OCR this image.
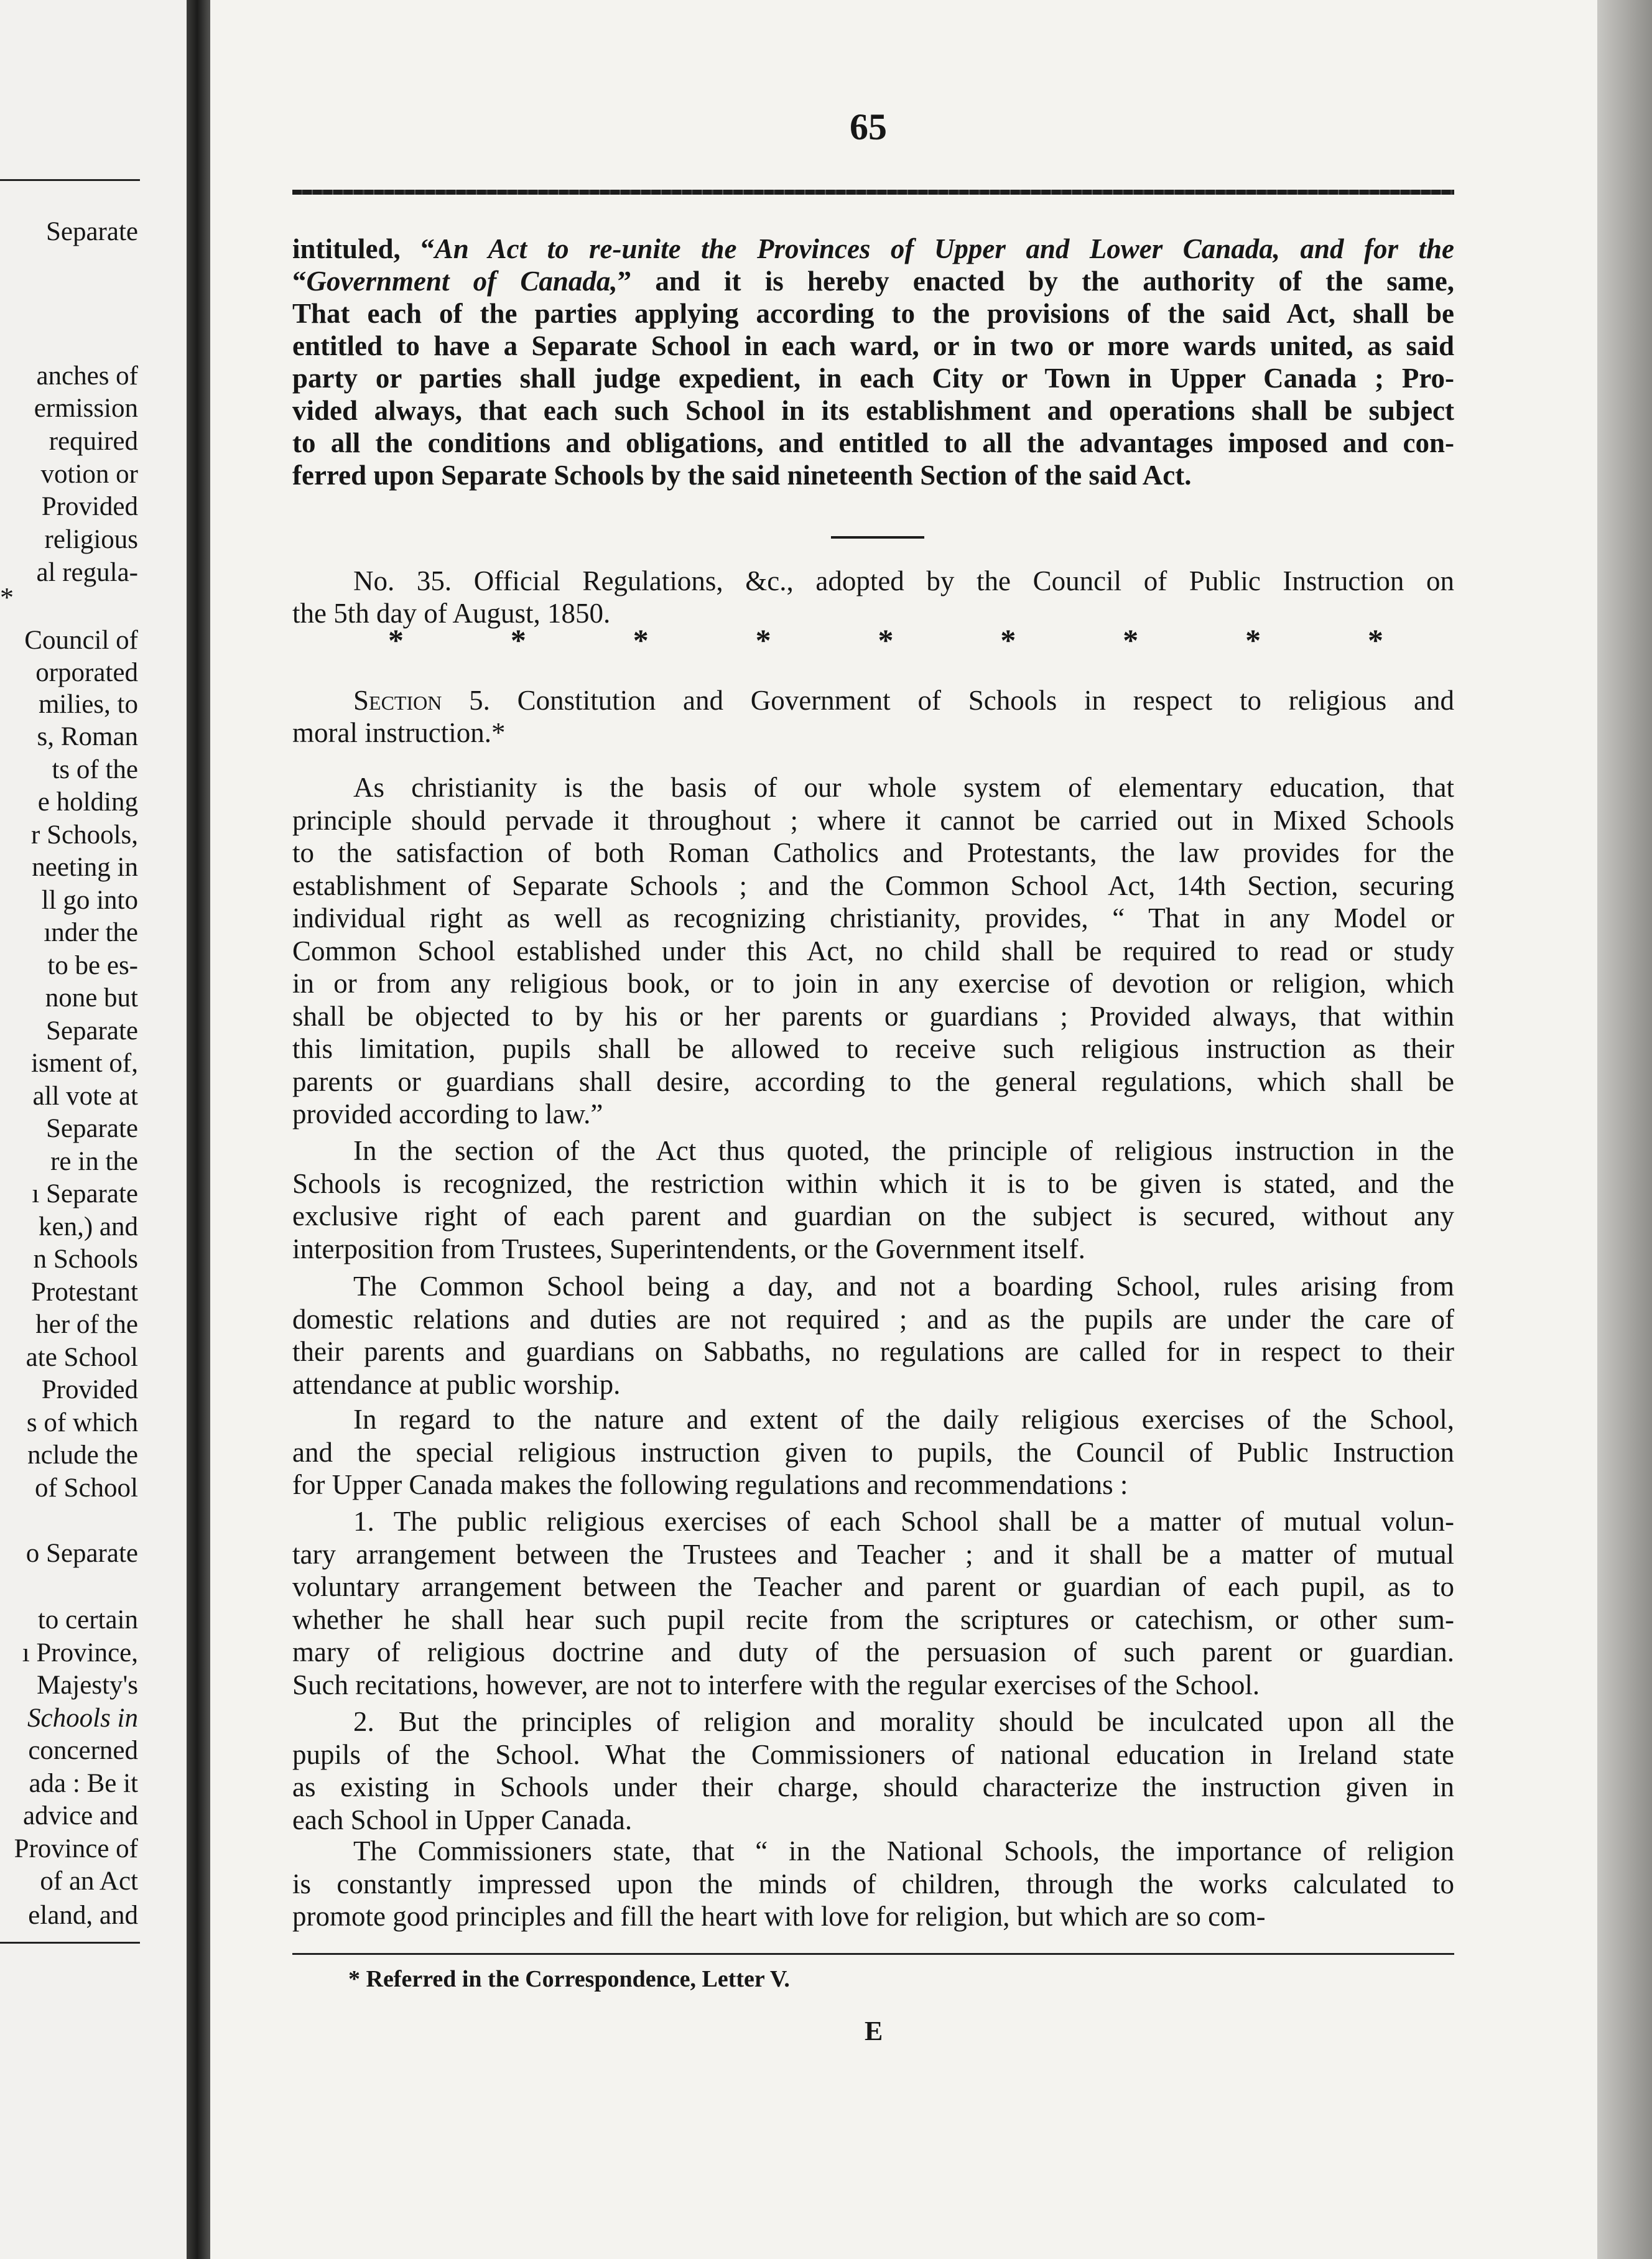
Separate
anches of
ermission
required
votion or
Provided
religious
al regula-
Council of
orporated
milies, to
s, Roman
ts of the
e holding
r Schools,
neeting in
ll go into
ınder the
to be es-
none but
Separate
isment of,
all vote at
Separate
re in the
ı Separate
ken,) and
n Schools
Protestant
her of the
ate School
Provided
s of which
nclude the
of School
o Separate
to certain
ı Province,
Majesty's
Schools in
concerned
ada : Be it
advice and
Province of
of an Act
eland, and
*
65
intituled, “An Act to re-unite the Provinces of Upper and Lower Canada, and for the
“Government of Canada,” and it is hereby enacted by the authority of the same,
That each of the parties applying according to the provisions of the said Act, shall be
entitled to have a Separate School in each ward, or in two or more wards united, as said
party or parties shall judge expedient, in each City or Town in Upper Canada ; Pro-
vided always, that each such School in its establishment and operations shall be subject
to all the conditions and obligations, and entitled to all the advantages imposed and con-
ferred upon Separate Schools by the said nineteenth Section of the said Act.
No. 35. Official Regulations, &c., adopted by the Council of Public Instruction on
the 5th day of August, 1850.
*	*	*	*	*	*	*	*	*
Section 5. Constitution and Government of Schools in respect to religious and
moral instruction.*
As christianity is the basis of our whole system of elementary education, that
principle should pervade it throughout ; where it cannot be carried out in Mixed Schools
to the satisfaction of both Roman Catholics and Protestants, the law provides for the
establishment of Separate Schools ; and the Common School Act, 14th Section, securing
individual right as well as recognizing christianity, provides, “ That in any Model or
Common School established under this Act, no child shall be required to read or study
in or from any religious book, or to join in any exercise of devotion or religion, which
shall be objected to by his or her parents or guardians ; Provided always, that within
this limitation, pupils shall be allowed to receive such religious instruction as their
parents or guardians shall desire, according to the general regulations, which shall be
provided according to law.”
In the section of the Act thus quoted, the principle of religious instruction in the
Schools is recognized, the restriction within which it is to be given is stated, and the
exclusive right of each parent and guardian on the subject is secured, without any
interposition from Trustees, Superintendents, or the Government itself.
The Common School being a day, and not a boarding School, rules arising from
domestic relations and duties are not required ; and as the pupils are under the care of
their parents and guardians on Sabbaths, no regulations are called for in respect to their
attendance at public worship.
In regard to the nature and extent of the daily religious exercises of the School,
and the special religious instruction given to pupils, the Council of Public Instruction
for Upper Canada makes the following regulations and recommendations :
1. The public religious exercises of each School shall be a matter of mutual volun-
tary arrangement between the Trustees and Teacher ; and it shall be a matter of mutual
voluntary arrangement between the Teacher and parent or guardian of each pupil, as to
whether he shall hear such pupil recite from the scriptures or catechism, or other sum-
mary of religious doctrine and duty of the persuasion of such parent or guardian.
Such recitations, however, are not to interfere with the regular exercises of the School.
2. But the principles of religion and morality should be inculcated upon all the
pupils of the School. What the Commissioners of national education in Ireland state
as existing in Schools under their charge, should characterize the instruction given in
each School in Upper Canada.
The Commissioners state, that “ in the National Schools, the importance of religion
is constantly impressed upon the minds of children, through the works calculated to
promote good principles and fill the heart with love for religion, but which are so com-
* Referred in the Correspondence, Letter V.
E
